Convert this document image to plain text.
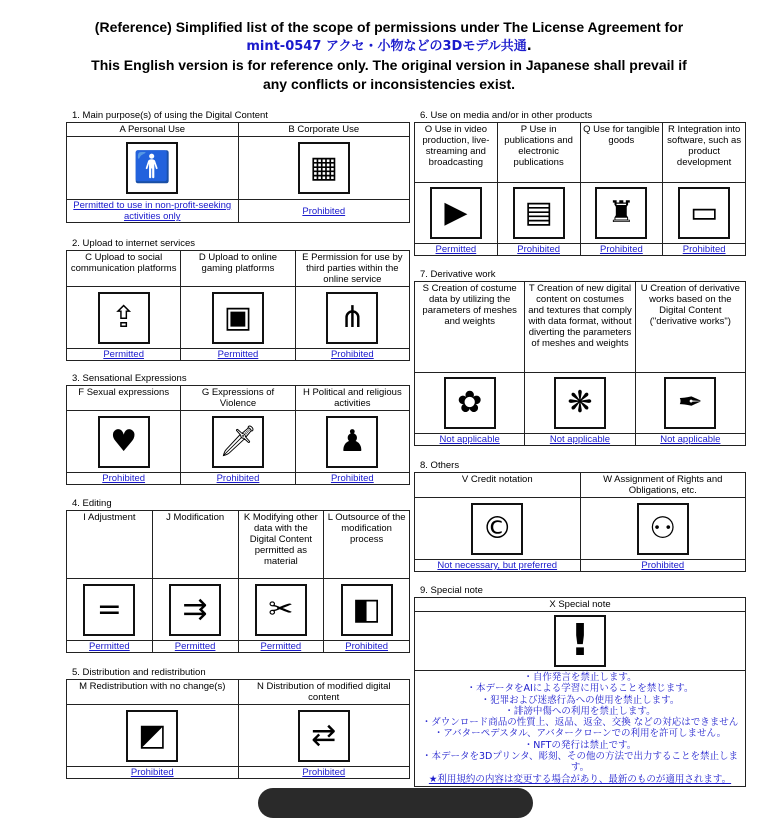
(Reference) Simplified list of the scope of permissions under The License Agreement for
mint-0547 アクセ・小物などの3Dモデル共通.
This English version is for reference only. The original version in Japanese shall prevail if any conflicts or inconsistencies exist.
1. Main purpose(s) of using the Digital Content
A Personal Use	B Corporate Use
🚹	▦
Permitted to use in non-profit-seeking activities only	Prohibited
2. Upload to internet services
C Upload to social communication platforms	D Upload to online gaming platforms	E Permission for use by third parties within the online service
⇪	▣	⋔
Permitted	Permitted	Prohibited
3. Sensational Expressions
F Sexual expressions	G Expressions of Violence	H Political and religious activities
♥	🗡	♟
Prohibited	Prohibited	Prohibited
4. Editing
I Adjustment	J Modification	K Modifying other data with the Digital Content permitted as material	L Outsource of the modification process
=	⇉	✂	◧
Permitted	Permitted	Permitted	Prohibited
5. Distribution and redistribution
M Redistribution with no change(s)	N Distribution of modified digital content
◩	⇄
Prohibited	Prohibited
6. Use on media and/or in other products
O Use in video production, live-streaming and broadcasting	P Use in publications and electronic publications	Q Use for tangible goods	R Integration into software, such as product development
▶	▤	♜	▭
Permitted	Prohibited	Prohibited	Prohibited
7. Derivative work
S Creation of costume data by utilizing the parameters of meshes and weights	T Creation of new digital content on costumes and textures that comply with data format, without diverting the parameters of meshes and weights	U Creation of derivative works based on the Digital Content ("derivative works")
✿	❋	✒
Not applicable	Not applicable	Not applicable
8. Others
V Credit notation	W Assignment of Rights and Obligations, etc.
©	⚇
Not necessary, but preferred	Prohibited
9. Special note
X Special note
!

・自作発言を禁止します。
・本データをAIによる学習に用いることを禁じます。
・犯罪および迷惑行為への使用を禁止します。
・誹謗中傷への利用を禁止します。
・ダウンロード商品の性質上、返品、返金、交換 などの対応はできません
・アバターペデスタル、アバタークローンでの利用を許可しません。
・NFTの発行は禁止です。
・本データを3Dプリンタ、彫刻、その他の方法で出力することを禁止します。
★利用規約の内容は変更する場合があり、最新のものが適用されます。
